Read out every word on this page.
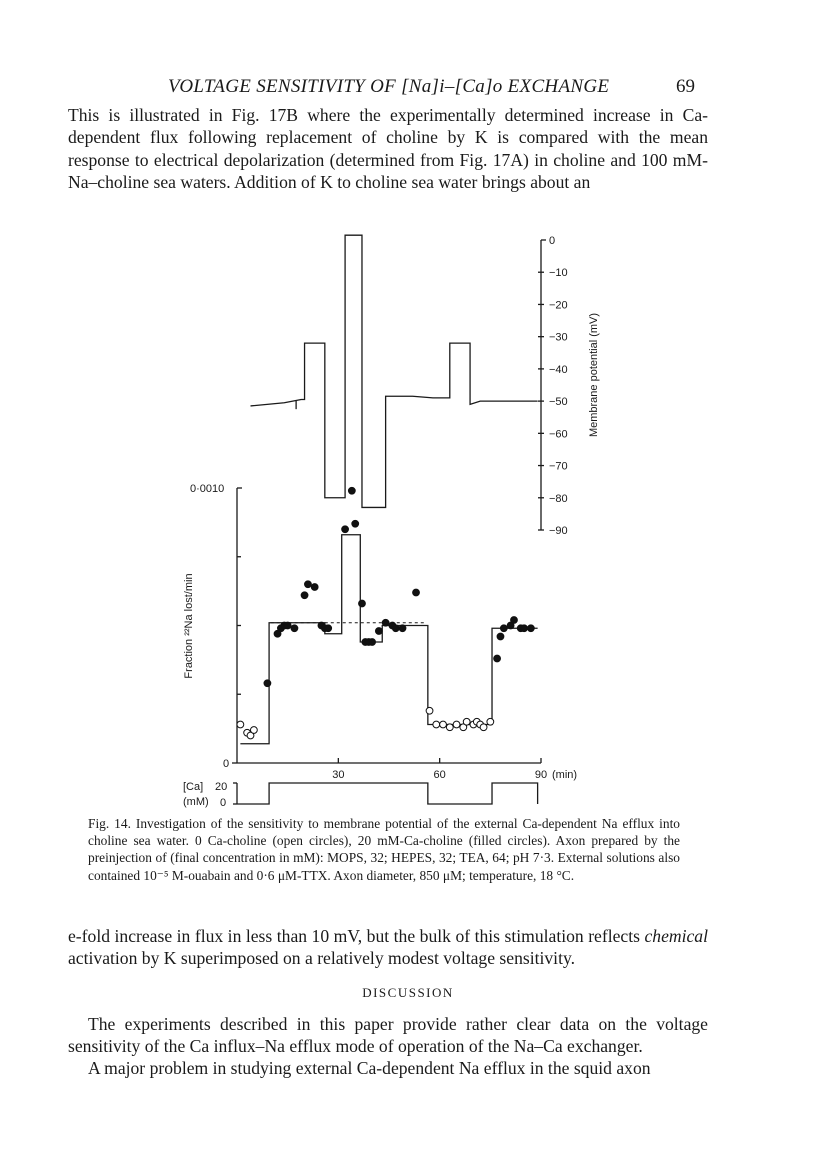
VOLTAGE SENSITIVITY OF [Na]i–[Ca]o EXCHANGE	69

This is illustrated in Fig. 17B where the experimentally determined increase in Ca-dependent flux following replacement of choline by K is compared with the mean response to electrical depolarization (determined from Fig. 17A) in choline and 100 mM-Na–choline sea waters. Addition of K to choline sea water brings about an

0
−10
−20
−30
−40
−50
−60
−70
−80
−90
Membrane potential (mV)
0
0·0010
Fraction ²²Na lost/min
30	60	90 (min)
[Ca]
(mM)
20
0

Fig. 14. Investigation of the sensitivity to membrane potential of the external Ca-dependent Na efflux into choline sea water. 0 Ca-choline (open circles), 20 mM-Ca-choline (filled circles). Axon prepared by the preinjection of (final concentration in mM): MOPS, 32; HEPES, 32; TEA, 64; pH 7·3. External solutions also contained 10⁻⁵ M-ouabain and 0·6 μM-TTX. Axon diameter, 850 μM; temperature, 18 °C.

e-fold increase in flux in less than 10 mV, but the bulk of this stimulation reflects chemical activation by K superimposed on a relatively modest voltage sensitivity.

DISCUSSION

The experiments described in this paper provide rather clear data on the voltage sensitivity of the Ca influx–Na efflux mode of operation of the Na–Ca exchanger.

A major problem in studying external Ca-dependent Na efflux in the squid axon
